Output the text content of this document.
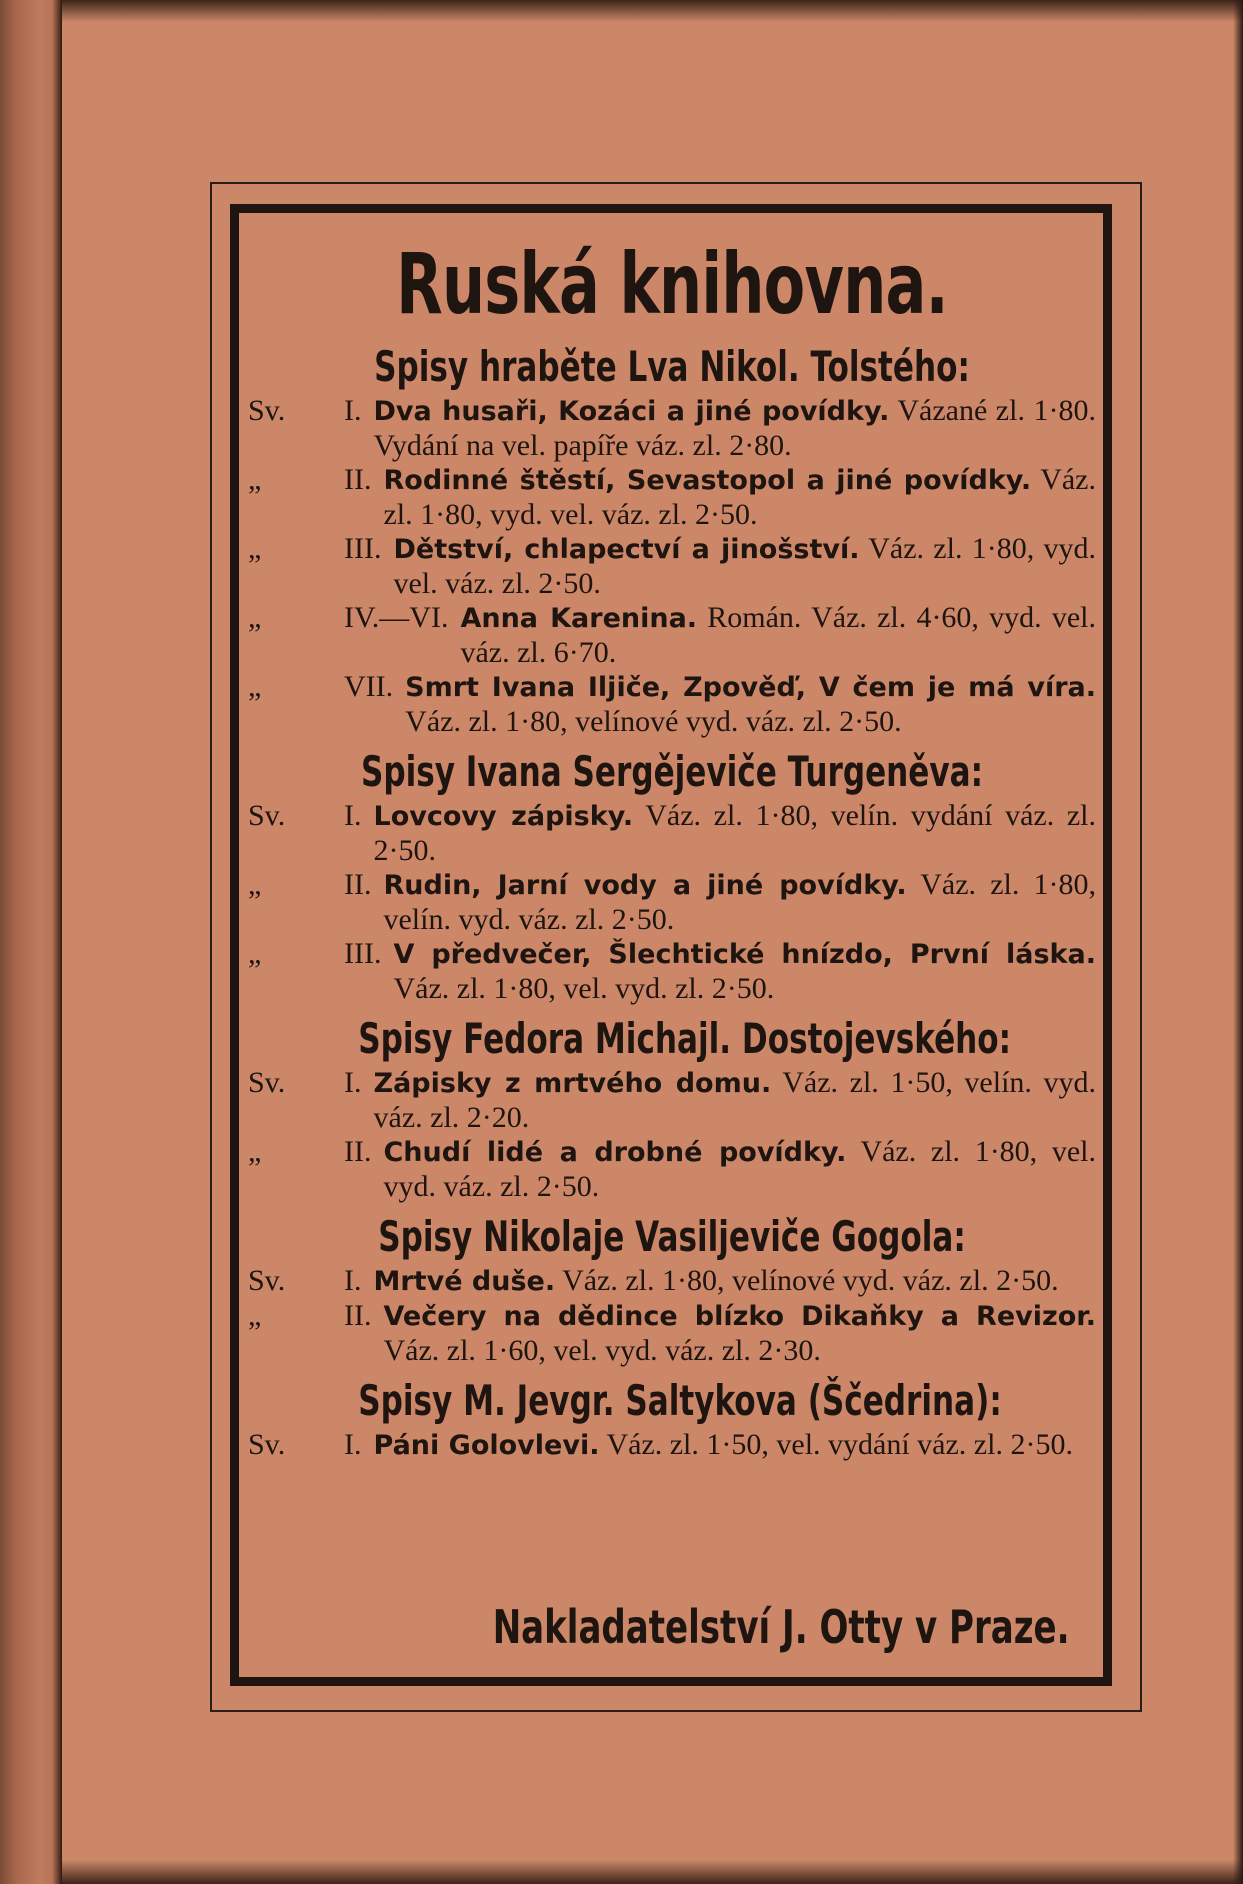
Ruská knihovna.
Spisy hraběte Lva Nikol. Tolstého:
Sv.	I. Dva husaři, Kozáci a jiné povídky. Vázané zl. 1·80. Vydání na vel. papíře váz. zl. 2·80.
„	II. Rodinné štěstí, Sevastopol a jiné povídky. Váz. zl. 1·80, vyd. vel. váz. zl. 2·50.
„	III. Dětství, chlapectví a jinošství. Váz. zl. 1·80, vyd. vel. váz. zl. 2·50.
„	IV.—VI. Anna Karenina. Román. Váz. zl. 4·60, vyd. vel. váz. zl. 6·70.
„	VII. Smrt Ivana Iljiče, Zpověď, V čem je má víra. Váz. zl. 1·80, velínové vyd. váz. zl. 2·50.
Spisy Ivana Sergějeviče Turgeněva:
Sv.	I. Lovcovy zápisky. Váz. zl. 1·80, velín. vydání váz. zl. 2·50.
„	II. Rudin, Jarní vody a jiné povídky. Váz. zl. 1·80, velín. vyd. váz. zl. 2·50.
„	III. V předvečer, Šlechtické hnízdo, První láska. Váz. zl. 1·80, vel. vyd. zl. 2·50.
Spisy Fedora Michajl. Dostojevského:
Sv.	I. Zápisky z mrtvého domu. Váz. zl. 1·50, velín. vyd. váz. zl. 2·20.
„	II. Chudí lidé a drobné povídky. Váz. zl. 1·80, vel. vyd. váz. zl. 2·50.
Spisy Nikolaje Vasiljeviče Gogola:
Sv.	I. Mrtvé duše. Váz. zl. 1·80, velínové vyd. váz. zl. 2·50.
„	II. Večery na dědince blízko Dikaňky a Revizor. Váz. zl. 1·60, vel. vyd. váz. zl. 2·30.
Spisy M. Jevgr. Saltykova (Ščedrina):
Sv.	I. Páni Golovlevi. Váz. zl. 1·50, vel. vydání váz. zl. 2·50.
Nakladatelství J. Otty v Praze.
